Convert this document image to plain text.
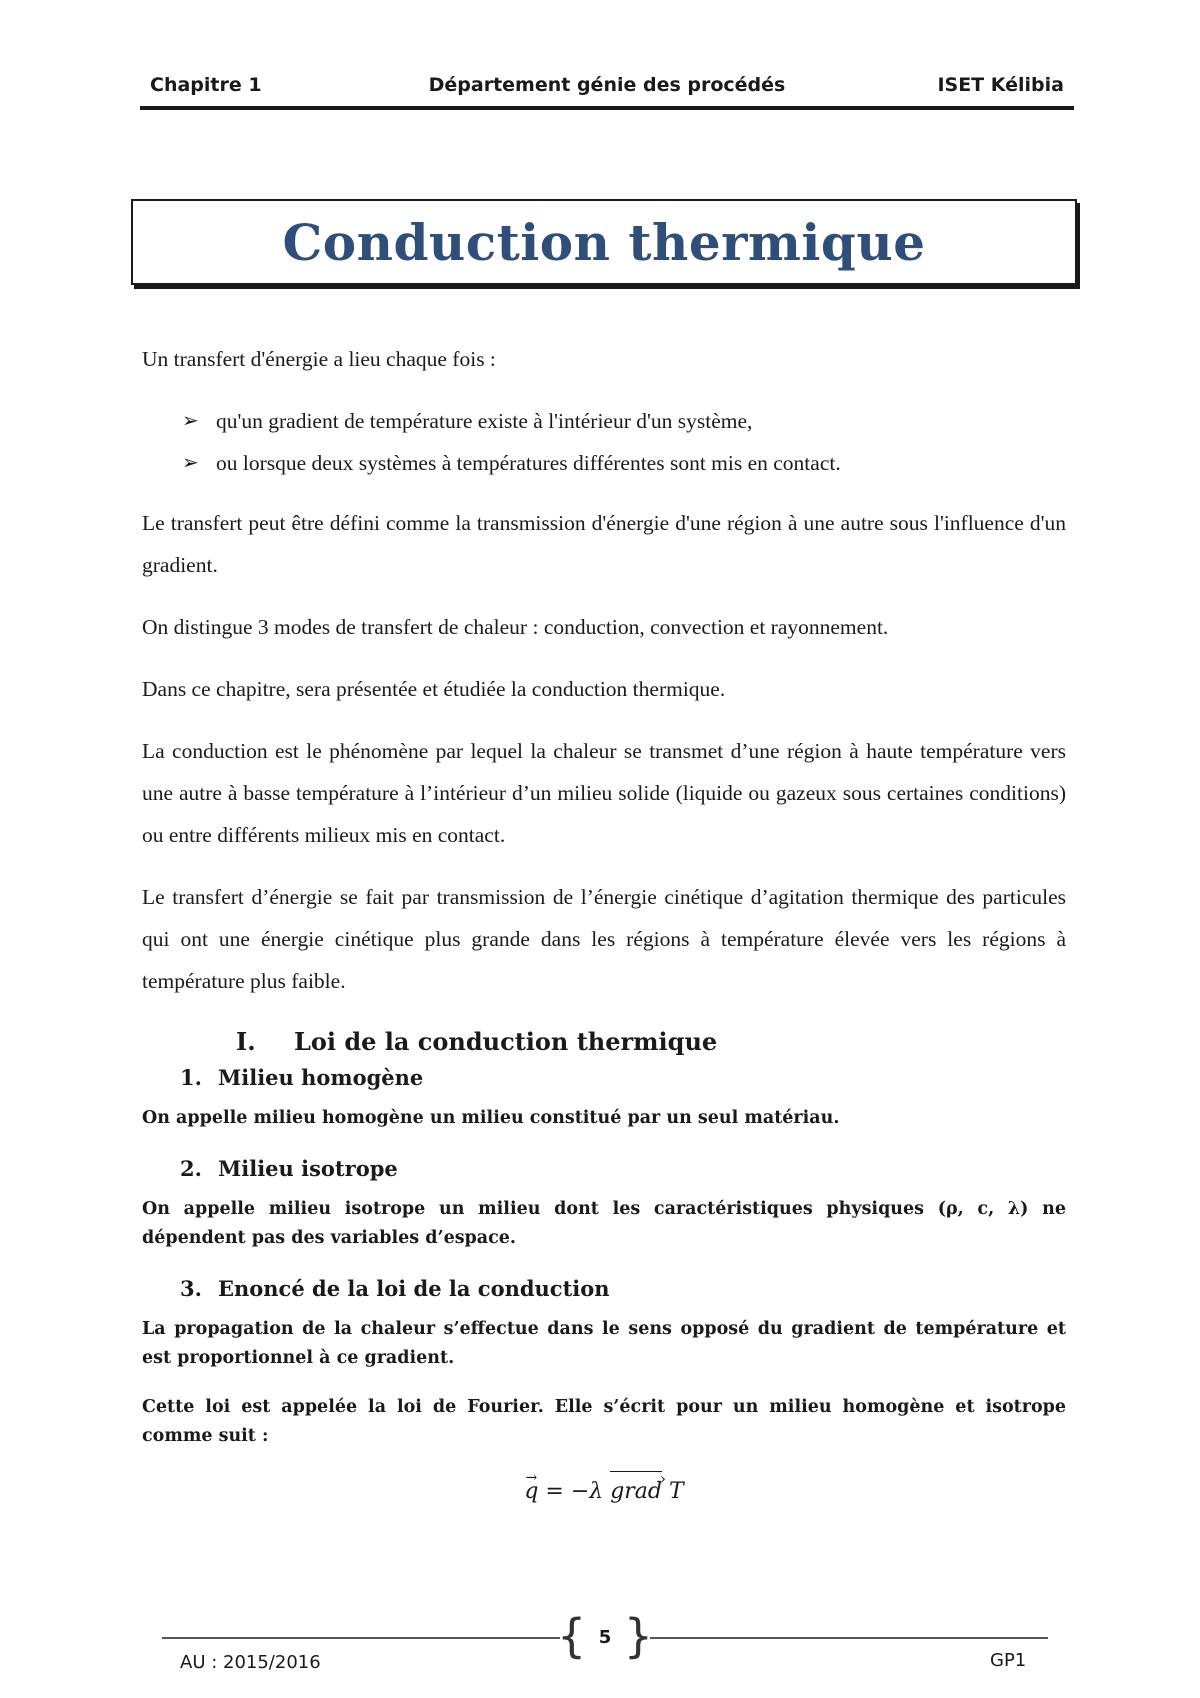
Chapitre 1	Département génie des procédés	ISET Kélibia
Conduction thermique

Un transfert d'énergie a lieu chaque fois :

➢ qu'un gradient de température existe à l'intérieur d'un système,
➢ ou lorsque deux systèmes à températures différentes sont mis en contact.

Le transfert peut être défini comme la transmission d'énergie d'une région à une autre sous l'influence d'un gradient.

On distingue 3 modes de transfert de chaleur : conduction, convection et rayonnement.

Dans ce chapitre, sera présentée et étudiée la conduction thermique.

La conduction est le phénomène par lequel la chaleur se transmet d’une région à haute température vers une autre à basse température à l’intérieur d’un milieu solide (liquide ou gazeux sous certaines conditions) ou entre différents milieux mis en contact.

Le transfert d’énergie se fait par transmission de l’énergie cinétique d’agitation thermique des particules qui ont une énergie cinétique plus grande dans les régions à température élevée vers les régions à température plus faible.

I. Loi de la conduction thermique
1. Milieu homogène

On appelle milieu homogène un milieu constitué par un seul matériau.

2. Milieu isotrope

On appelle milieu isotrope un milieu dont les caractéristiques physiques (ρ, c, λ) ne dépendent pas des variables d’espace.

3. Enoncé de la loi de la conduction

La propagation de la chaleur s’effectue dans le sens opposé du gradient de température et est proportionnel à ce gradient.

Cette loi est appelée la loi de Fourier. Elle s’écrit pour un milieu homogène et isotrope comme suit :

→ q = −λ grad › T
{ 5 }
AU : 2015/2016	GP1
